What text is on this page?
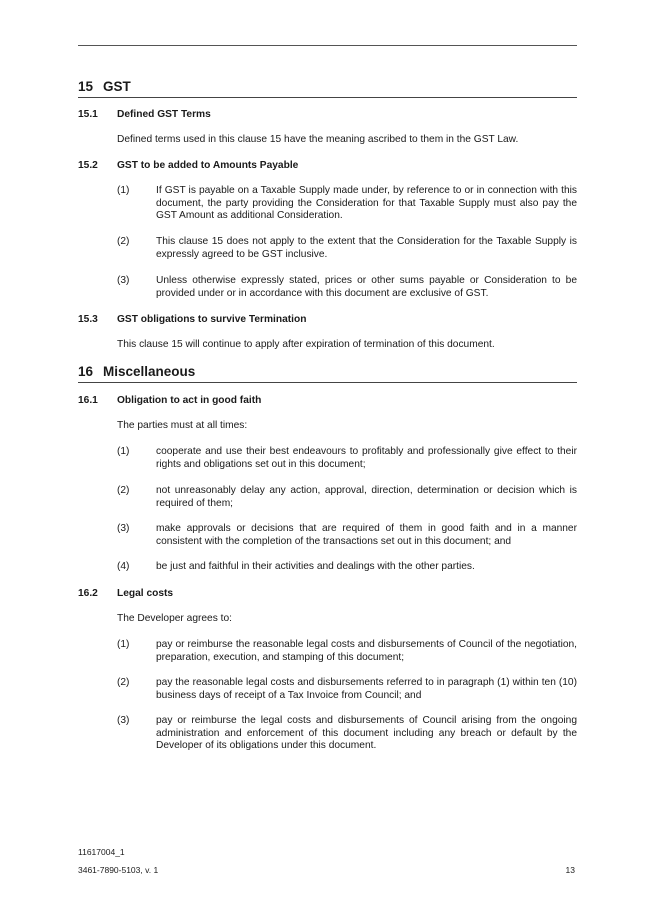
15 GST
15.1 Defined GST Terms
Defined terms used in this clause 15 have the meaning ascribed to them in the GST Law.
15.2 GST to be added to Amounts Payable
(1)	If GST is payable on a Taxable Supply made under, by reference to or in connection with this document, the party providing the Consideration for that Taxable Supply must also pay the GST Amount as additional Consideration.
(2)	This clause 15 does not apply to the extent that the Consideration for the Taxable Supply is expressly agreed to be GST inclusive.
(3)	Unless otherwise expressly stated, prices or other sums payable or Consideration to be provided under or in accordance with this document are exclusive of GST.
15.3 GST obligations to survive Termination
This clause 15 will continue to apply after expiration of termination of this document.
16 Miscellaneous
16.1 Obligation to act in good faith
The parties must at all times:
(1)	cooperate and use their best endeavours to profitably and professionally give effect to their rights and obligations set out in this document;
(2)	not unreasonably delay any action, approval, direction, determination or decision which is required of them;
(3)	make approvals or decisions that are required of them in good faith and in a manner consistent with the completion of the transactions set out in this document; and
(4)	be just and faithful in their activities and dealings with the other parties.
16.2 Legal costs
The Developer agrees to:
(1)	pay or reimburse the reasonable legal costs and disbursements of Council of the negotiation, preparation, execution, and stamping of this document;
(2)	pay the reasonable legal costs and disbursements referred to in paragraph (1) within ten (10) business days of receipt of a Tax Invoice from Council; and
(3)	pay or reimburse the legal costs and disbursements of Council arising from the ongoing administration and enforcement of this document including any breach or default by the Developer of its obligations under this document.
11617004_1
3461-7890-5103, v. 1	13
